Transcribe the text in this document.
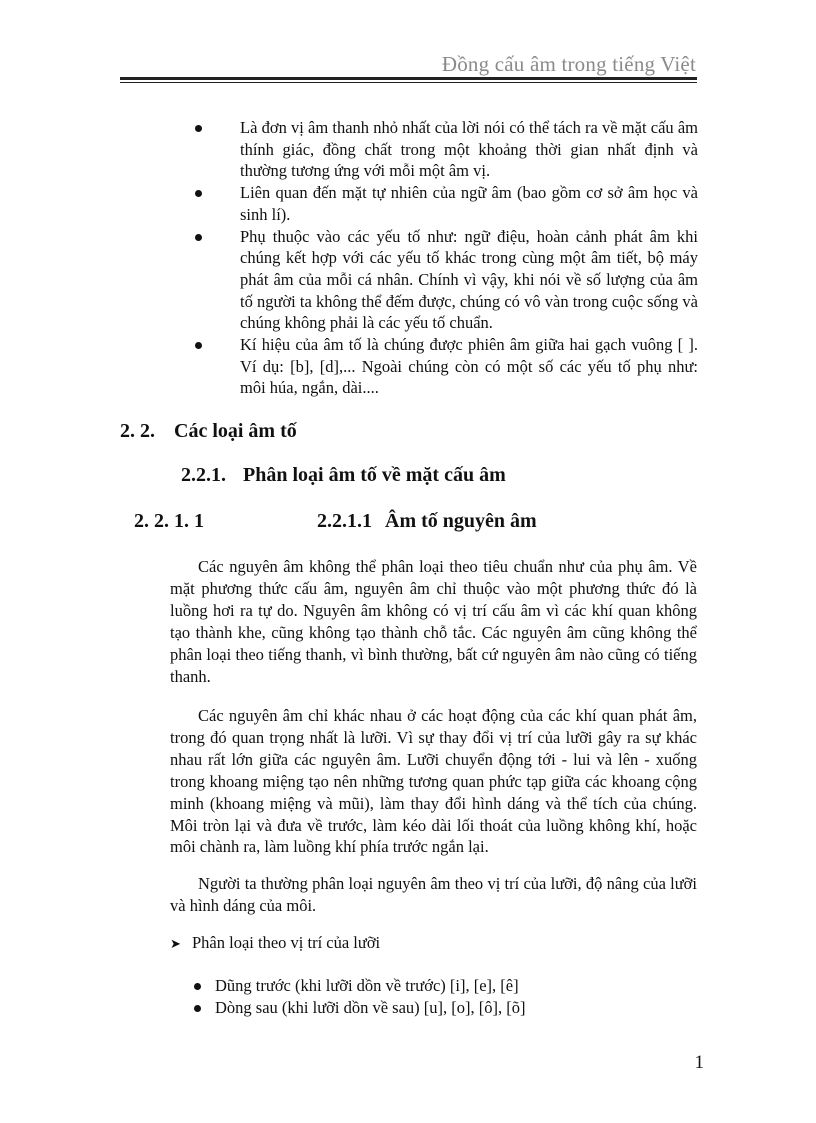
Đồng cấu âm trong tiếng Việt
Là đơn vị âm thanh nhỏ nhất của lời nói có thể tách ra về mặt cấu âm thính giác, đồng chất trong một khoảng thời gian nhất định và thường tương ứng với mỗi một âm vị.
Liên quan đến mặt tự nhiên của ngữ âm (bao gồm cơ sở âm học và sinh lí).
Phụ thuộc vào các yếu tố như: ngữ điệu, hoàn cảnh phát âm khi chúng kết hợp với các yếu tố khác trong cùng một âm tiết, bộ máy phát âm của mỗi cá nhân. Chính vì vậy, khi nói về số lượng của âm tố người ta không thể đếm được, chúng có vô vàn trong cuộc sống và chúng không phải là các yếu tố chuẩn.
Kí hiệu của âm tố là chúng được phiên âm giữa hai gạch vuông [ ]. Ví dụ: [b], [d],... Ngoài chúng còn có một số các yếu tố phụ như: môi húa, ngắn, dài....
2. 2. Các loại âm tố
2.2.1. Phân loại âm tố về mặt cấu âm
2. 2. 1. 1	2.2.1.1 Âm tố nguyên âm

Các nguyên âm không thể phân loại theo tiêu chuẩn như của phụ âm. Về mặt phương thức cấu âm, nguyên âm chỉ thuộc vào một phương thức đó là luồng hơi ra tự do. Nguyên âm không có vị trí cấu âm vì các khí quan không tạo thành khe, cũng không tạo thành chỗ tắc. Các nguyên âm cũng không thể phân loại theo tiếng thanh, vì bình thường, bất cứ nguyên âm nào cũng có tiếng thanh.

Các nguyên âm chỉ khác nhau ở các hoạt động của các khí quan phát âm, trong đó quan trọng nhất là lưỡi. Vì sự thay đổi vị trí của lưỡi gây ra sự khác nhau rất lớn giữa các nguyên âm. Lưỡi chuyển động tới - lui và lên - xuống trong khoang miệng tạo nên những tương quan phức tạp giữa các khoang cộng minh (khoang miệng và mũi), làm thay đổi hình dáng và thể tích của chúng. Môi tròn lại và đưa về trước, làm kéo dài lối thoát của luồng không khí, hoặc môi chành ra, làm luồng khí phía trước ngắn lại.

Người ta thường phân loại nguyên âm theo vị trí của lưỡi, độ nâng của lưỡi và hình dáng của môi.

➤ Phân loại theo vị trí của lưỡi
Dũng trước (khi lưỡi dồn về trước) [i], [e], [ê]
Dòng sau (khi lưỡi dồn về sau) [u], [o], [ô], [õ]
1
